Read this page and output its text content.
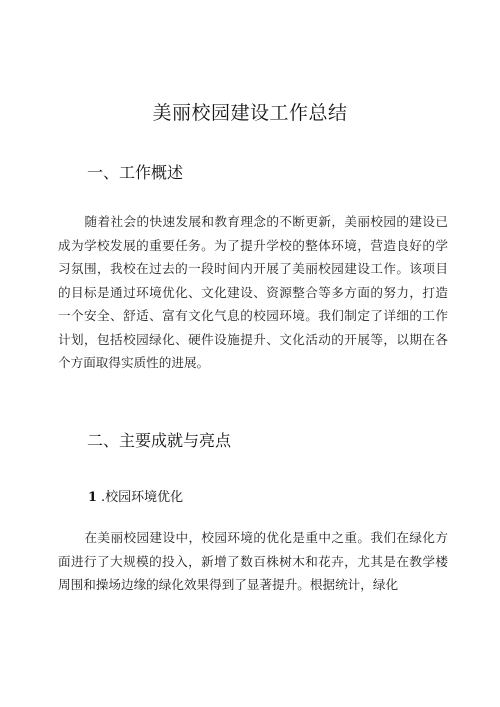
美丽校园建设工作总结
一、工作概述

随着社会的快速发展和教育理念的不断更新，美丽校园的建设已成为学校发展的重要任务。为了提升学校的整体环境，营造良好的学习氛围，我校在过去的一段时间内开展了美丽校园建设工作。该项目的目标是通过环境优化、文化建设、资源整合等多方面的努力，打造一个安全、舒适、富有文化气息的校园环境。我们制定了详细的工作计划，包括校园绿化、硬件设施提升、文化活动的开展等，以期在各个方面取得实质性的进展。

二、主要成就与亮点
1 .校园环境优化

在美丽校园建设中，校园环境的优化是重中之重。我们在绿化方面进行了大规模的投入，新增了数百株树木和花卉，尤其是在教学楼周围和操场边缘的绿化效果得到了显著提升。根据统计，绿化
